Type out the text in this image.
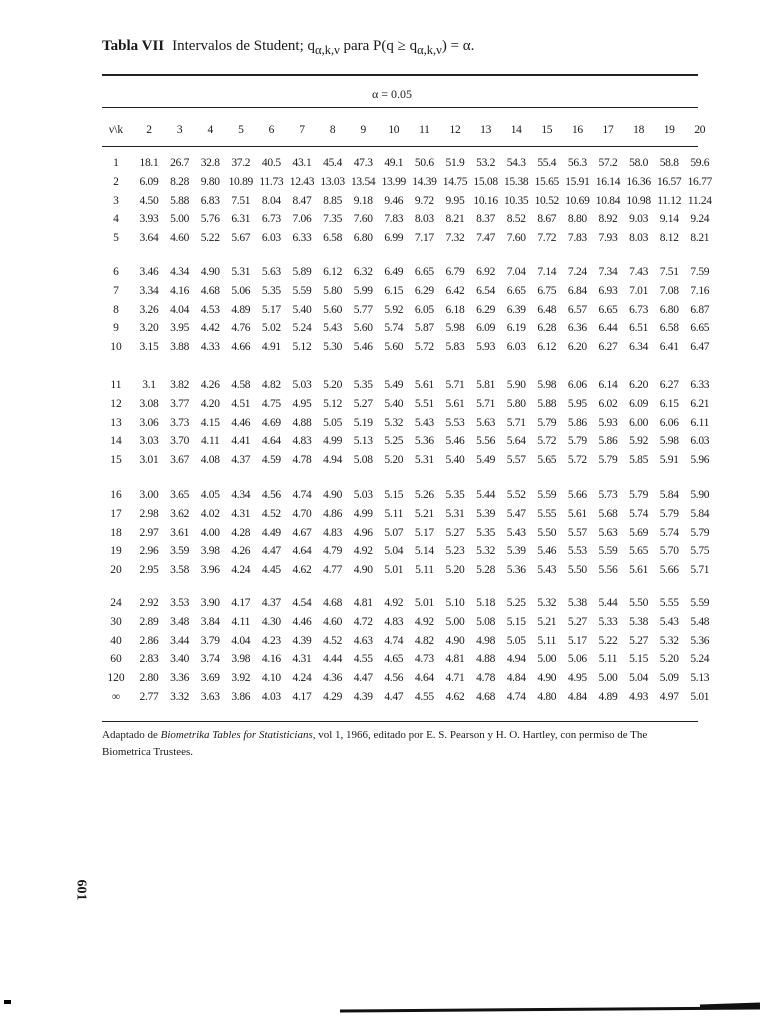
Tabla VII Intervalos de Student; $q_{\alpha,k,\nu}$ para $P(q \ge q_{\alpha,k,\nu}) = \alpha$.
α = 0.05
ν\k	2	3	4	5	6	7	8	9	10	11	12	13	14	15	16	17	18	19	20
1	18.1	26.7	32.8	37.2	40.5	43.1	45.4	47.3	49.1	50.6	51.9	53.2	54.3	55.4	56.3	57.2	58.0	58.8	59.6
2	6.09	8.28	9.80 10.89 11.73 12.43 13.03 13.54 13.99 14.39 14.75 15.08 15.38 15.65 15.91 16.14 16.36 16.57 16.77
3	4.50	5.88	6.83	7.51	8.04	8.47	8.85	9.18	9.46	9.72	9.95 10.16 10.35 10.52 10.69 10.84 10.98 11.12 11.24
4	3.93	5.00	5.76	6.31	6.73	7.06	7.35	7.60	7.83	8.03	8.21	8.37	8.52	8.67	8.80	8.92	9.03	9.14	9.24
5	3.64	4.60	5.22	5.67	6.03	6.33	6.58	6.80	6.99	7.17	7.32	7.47	7.60	7.72	7.83	7.93	8.03	8.12	8.21
6	3.46	4.34	4.90	5.31	5.63	5.89	6.12	6.32	6.49	6.65	6.79	6.92	7.04	7.14	7.24	7.34	7.43	7.51	7.59
7	3.34	4.16	4.68	5.06	5.35	5.59	5.80	5.99	6.15	6.29	6.42	6.54	6.65	6.75	6.84	6.93	7.01	7.08	7.16
8	3.26	4.04	4.53	4.89	5.17	5.40	5.60	5.77	5.92	6.05	6.18	6.29	6.39	6.48	6.57	6.65	6.73	6.80	6.87
9	3.20	3.95	4.42	4.76	5.02	5.24	5.43	5.60	5.74	5.87	5.98	6.09	6.19	6.28	6.36	6.44	6.51	6.58	6.65
10	3.15	3.88	4.33	4.66	4.91	5.12	5.30	5.46	5.60	5.72	5.83	5.93	6.03	6.12	6.20	6.27	6.34	6.41	6.47
11	3.1	3.82	4.26	4.58	4.82	5.03	5.20	5.35	5.49	5.61	5.71	5.81	5.90	5.98	6.06	6.14	6.20	6.27	6.33
12	3.08	3.77	4.20	4.51	4.75	4.95	5.12	5.27	5.40	5.51	5.61	5.71	5.80	5.88	5.95	6.02	6.09	6.15	6.21
13	3.06	3.73	4.15	4.46	4.69	4.88	5.05	5.19	5.32	5.43	5.53	5.63	5.71	5.79	5.86	5.93	6.00	6.06	6.11
14	3.03	3.70	4.11	4.41	4.64	4.83	4.99	5.13	5.25	5.36	5.46	5.56	5.64	5.72	5.79	5.86	5.92	5.98	6.03
15	3.01	3.67	4.08	4.37	4.59	4.78	4.94	5.08	5.20	5.31	5.40	5.49	5.57	5.65	5.72	5.79	5.85	5.91	5.96
16	3.00	3.65	4.05	4.34	4.56	4.74	4.90	5.03	5.15	5.26	5.35	5.44	5.52	5.59	5.66	5.73	5.79	5.84	5.90
17	2.98	3.62	4.02	4.31	4.52	4.70	4.86	4.99	5.11	5.21	5.31	5.39	5.47	5.55	5.61	5.68	5.74	5.79	5.84
18	2.97	3.61	4.00	4.28	4.49	4.67	4.83	4.96	5.07	5.17	5.27	5.35	5.43	5.50	5.57	5.63	5.69	5.74	5.79
19	2.96	3.59	3.98	4.26	4.47	4.64	4.79	4.92	5.04	5.14	5.23	5.32	5.39	5.46	5.53	5.59	5.65	5.70	5.75
20	2.95	3.58	3.96	4.24	4.45	4.62	4.77	4.90	5.01	5.11	5.20	5.28	5.36	5.43	5.50	5.56	5.61	5.66	5.71
24	2.92	3.53	3.90	4.17	4.37	4.54	4.68	4.81	4.92	5.01	5.10	5.18	5.25	5.32	5.38	5.44	5.50	5.55	5.59
30	2.89	3.48	3.84	4.11	4.30	4.46	4.60	4.72	4.83	4.92	5.00	5.08	5.15	5.21	5.27	5.33	5.38	5.43	5.48
40	2.86	3.44	3.79	4.04	4.23	4.39	4.52	4.63	4.74	4.82	4.90	4.98	5.05	5.11	5.17	5.22	5.27	5.32	5.36
60	2.83	3.40	3.74	3.98	4.16	4.31	4.44	4.55	4.65	4.73	4.81	4.88	4.94	5.00	5.06	5.11	5.15	5.20	5.24
120	2.80	3.36	3.69	3.92	4.10	4.24	4.36	4.47	4.56	4.64	4.71	4.78	4.84	4.90	4.95	5.00	5.04	5.09	5.13
∞	2.77	3.32	3.63	3.86	4.03	4.17	4.29	4.39	4.47	4.55	4.62	4.68	4.74	4.80	4.84	4.89	4.93	4.97	5.01
Adaptado de Biometrika Tables for Statisticians, vol 1, 1966, editado por E. S. Pearson y H. O. Hartley, con permiso de The Biometrica Trustees.
601
